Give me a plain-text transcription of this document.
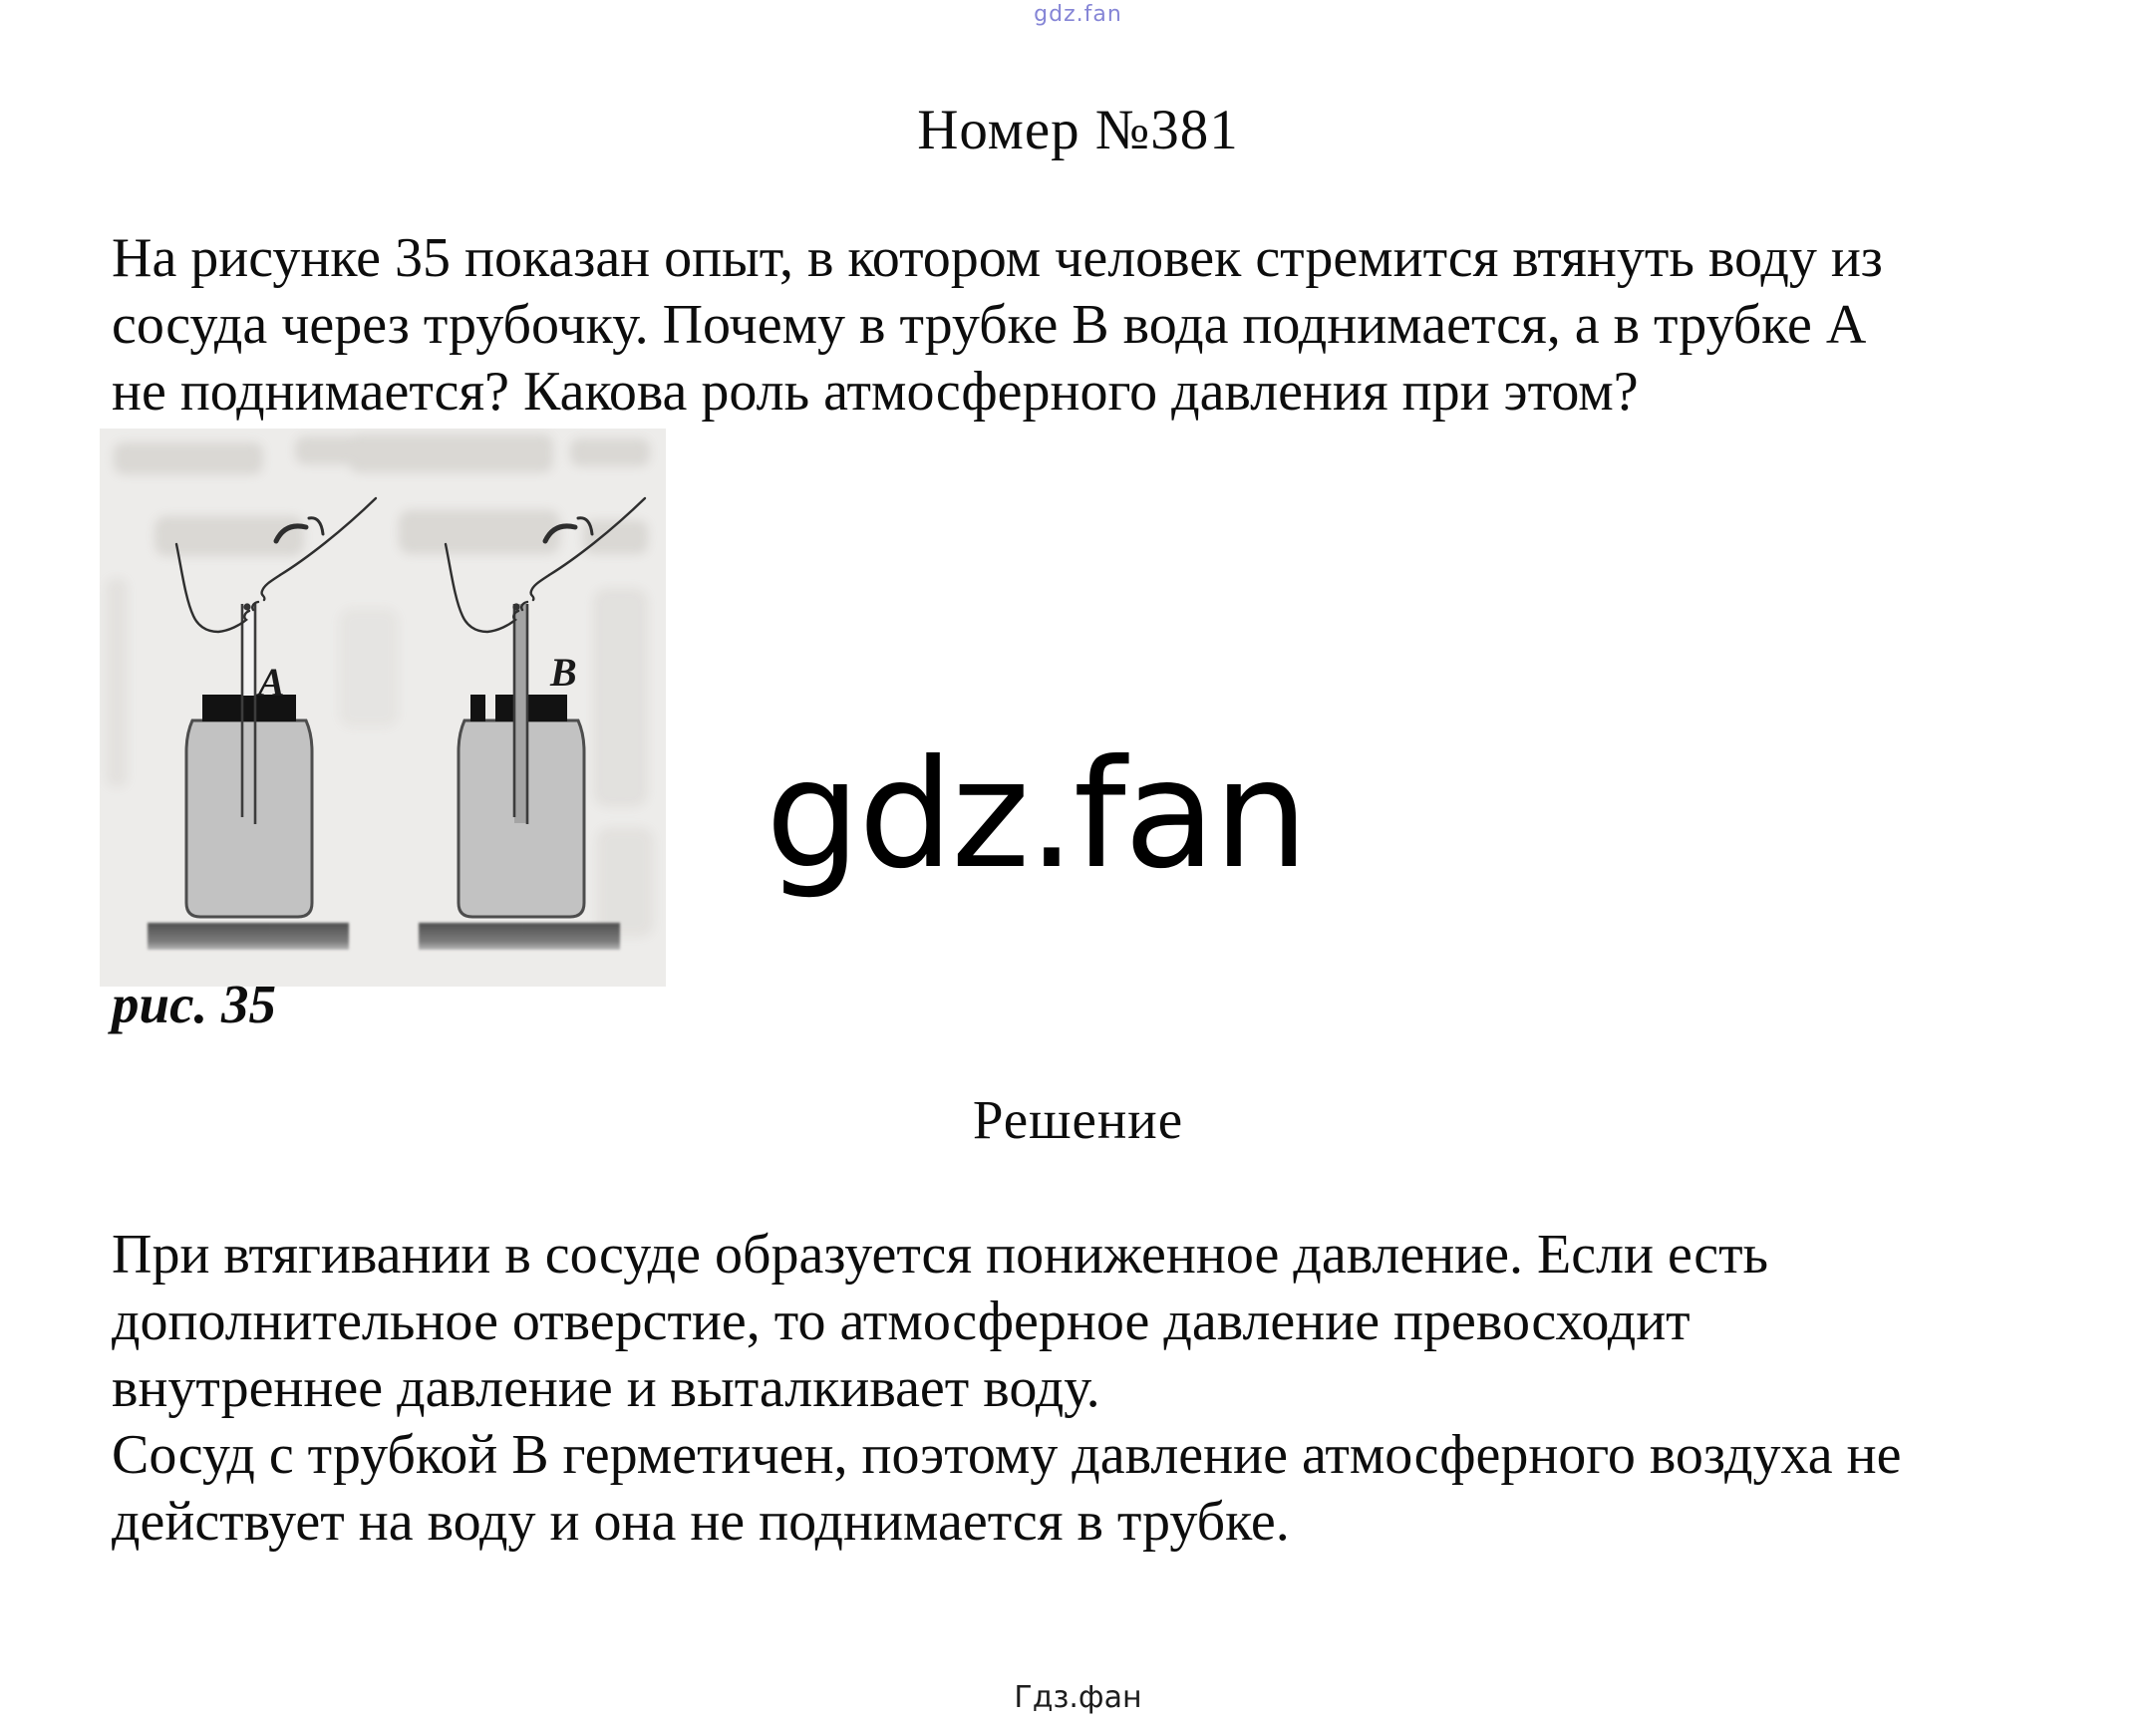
gdz.fan
Номер №381
На рисунке 35 показан опыт, в котором человек стремится втянуть воду из
сосуда через трубочку. Почему в трубке В вода поднимается, а в трубке А
не поднимается? Какова роль атмосферного давления при этом?
A	B
рис. 35
gdz.fan
Решение
При втягивании в сосуде образуется пониженное давление. Если есть
дополнительное отверстие, то атмосферное давление превосходит
внутреннее давление и выталкивает воду.
Сосуд с трубкой В герметичен, поэтому давление атмосферного воздуха не
действует на воду и она не поднимается в трубке.
Гдз.фан
